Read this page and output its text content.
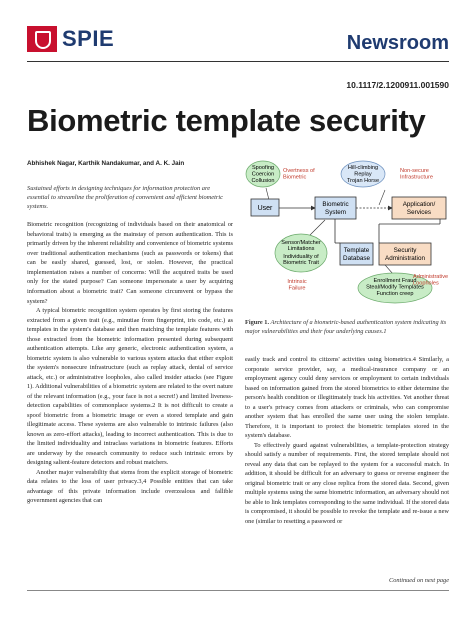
SPIE	Newsroom
10.1117/2.1200911.001590
Biometric template security
Abhishek Nagar, Karthik Nandakumar, and A. K. Jain
Sustained efforts in designing techniques for information protection are essential to streamline the proliferation of convenient and efficient biometric systems.

Biometric recognition (recognizing of individuals based on their anatomical or behavioral traits) is emerging as the mainstay of person authentication. This is primarily driven by the inherent reliability and convenience of biometric systems over traditional authentication mechanisms (such as passwords or tokens) that can be easily shared, guessed, lost, or stolen. However, the practical implementation raises a number of concerns: Will the acquired traits be used only for the stated purpose? Can someone impersonate a user by acquiring information about a biometric trait? Can someone circumvent or bypass the system?

A typical biometric recognition system operates by first storing the features extracted from a given trait (e.g., minutiae from fingerprint, iris code, etc.) as templates in the system's database and then matching the template features with those extracted from the biometric information presented during subsequent authentication attempts. Like any generic, electronic authentication system, a biometric system is also vulnerable to various system attacks that either exploit the system's nonsecure infrastructure (such as replay attack, denial of service attack, etc.) or administrative loopholes, also called insider attacks (see Figure 1). Additional vulnerabilities of a biometric system are related to the overt nature of the relevant information (e.g., your face is not a secret!) and limited liveness-detection capabilities of commonplace systems.2 It is not difficult to create a spoof biometric from a biometric image or even a stored template and gain illegitimate access. These systems are also vulnerable to intrinsic failures (also known as zero-effort attacks), leading to incorrect authentication. This is due to the limited individuality and intraclass variations in biometric features. Efforts are underway by the research community to reduce such intrinsic errors by designing salient-feature detectors and robust matchers.

Another major vulnerability that stems from the explicit storage of biometric data relates to the loss of user privacy.3,4 Possible entities that can take advantage of this private information include overzealous and fallible government agencies that can

Spoofing
Coercion
Collusion
Hill-climbing
Replay
Trojan Horse
Sensor/Matcher
Limitations
Individuality of
Biometric Trait
Enrollment Fraud
Steal/Modify Templates
Function creep
User
Biometric
System
Application/
Services
Template
Database
Security
Administration
Overtness of
Biometric
Non-secure
Infrastructure
Intrinsic
Failure
Administrative
Loopholes
Figure 1. Architecture of a biometric-based authentication system indicating its major vulnerabilities and their four underlying causes.1

easily track and control its citizens' activities using biometrics.4 Similarly, a corporate service provider, say, a medical-insurance company or an employment agency could deny services or employment to certain individuals based on information gained from the stored biometrics to either determine the person's health condition or illegitimately track his activities. Yet another threat to a user's privacy comes from attackers or criminals, who can compromise another system that has enrolled the same user using the stolen template. Therefore, it is important to protect the biometric templates stored in the system's database.

To effectively guard against vulnerabilities, a template-protection strategy should satisfy a number of requirements. First, the stored template should not reveal any data that can be replayed to the system for a successful match. In addition, it should be difficult for an adversary to guess or reverse engineer the original biometric trait or any close replica from the stored data. Second, given multiple systems using the same biometric information, an adversary should not be able to link templates corresponding to the same individual. If the stored data is compromised, it should be possible to revoke the template and re-issue a new one (similar to resetting a password or

Continued on next page
